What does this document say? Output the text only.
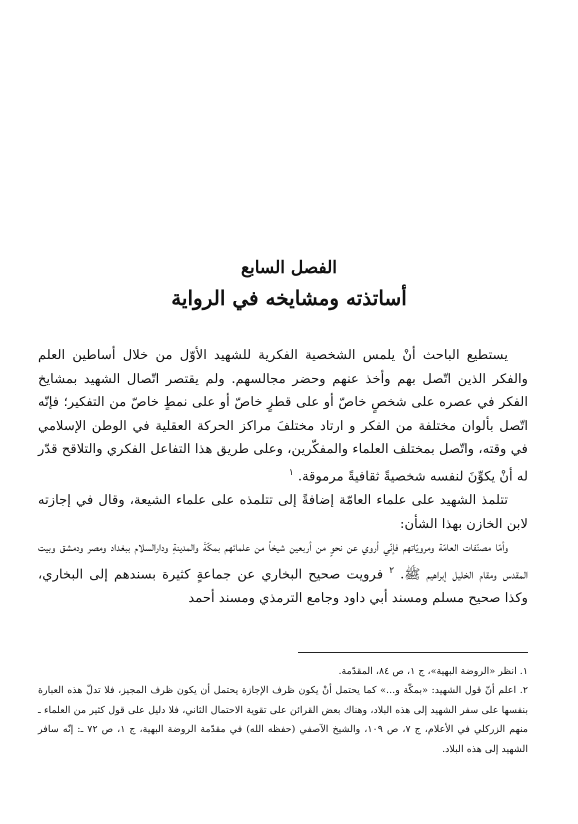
الفصل السابع
أساتذته ومشايخه في الرواية

يستطيع الباحث أنْ يلمس الشخصية الفكرية للشهيد الأوّل من خلال أساطين العلم والفكر الذين اتّصل بهم وأخذ عنهم وحضر مجالسهم. ولم يقتصر اتّصال الشهيد بمشايخ الفكر في عصره على شخصٍ خاصّ أو على قطرٍ خاصّ أو على نمطٍ خاصّ من التفكير؛ فإنّه اتّصل بألوان مختلفة من الفكر و ارتاد مختلفَ مراكز الحركة العقلية في الوطن الإسلامي في وقته، واتّصل بمختلف العلماء والمفكّرين، وعلى طريق هذا التفاعل الفكري والتلاقح قدّر له أنْ يكوِّنَ لنفسه شخصيةً ثقافيةً مرموقة. $^١$

تتلمذ الشهيد على علماء العامّة إضافةً إلى تتلمذه على علماء الشيعة، وقال في إجازته لابن الخازن بهذا الشأن:

وأمّا مصنّفات العامّة ومرويّاتهم فإنّي أروي عن نحوٍ من أربعين شيخاً من علمائهم بمكّةَ والمدينةِ ودارالسلام ببغداد ومصر ودمشق وبيت المقدس ومقام الخليل إبراهيم ﷺ. $^٢$ فرويت صحيح البخاري عن جماعةٍ كثيرة بسندهم إلى البخاري، وكذا صحيح مسلم ومسند أبي داود وجامع الترمذي ومسند أحمد

١. انظر «الروضة البهية»، ج ١، ص ٨٤، المقدّمة.

٢. اعلم أنّ قول الشهيد: «بمكّة و...» كما يحتمل أنْ يكون ظرف الإجازة يحتمل أن يكون ظرف المجيز، فلا تدلّ هذه العبارة بنفسها على سفر الشهيد إلى هذه البلاد، وهناك بعض القرائن على تقوية الاحتمال الثاني، فلا دليل على قول كثير من العلماء ـ منهم الزركلي في الأعلام، ج ٧، ص ١٠٩، والشيخ الآصفي (حفظه الله) في مقدّمة الروضة البهية، ج ١، ص ٧٢ ـ: إنّه سافر الشهيد إلى هذه البلاد.
